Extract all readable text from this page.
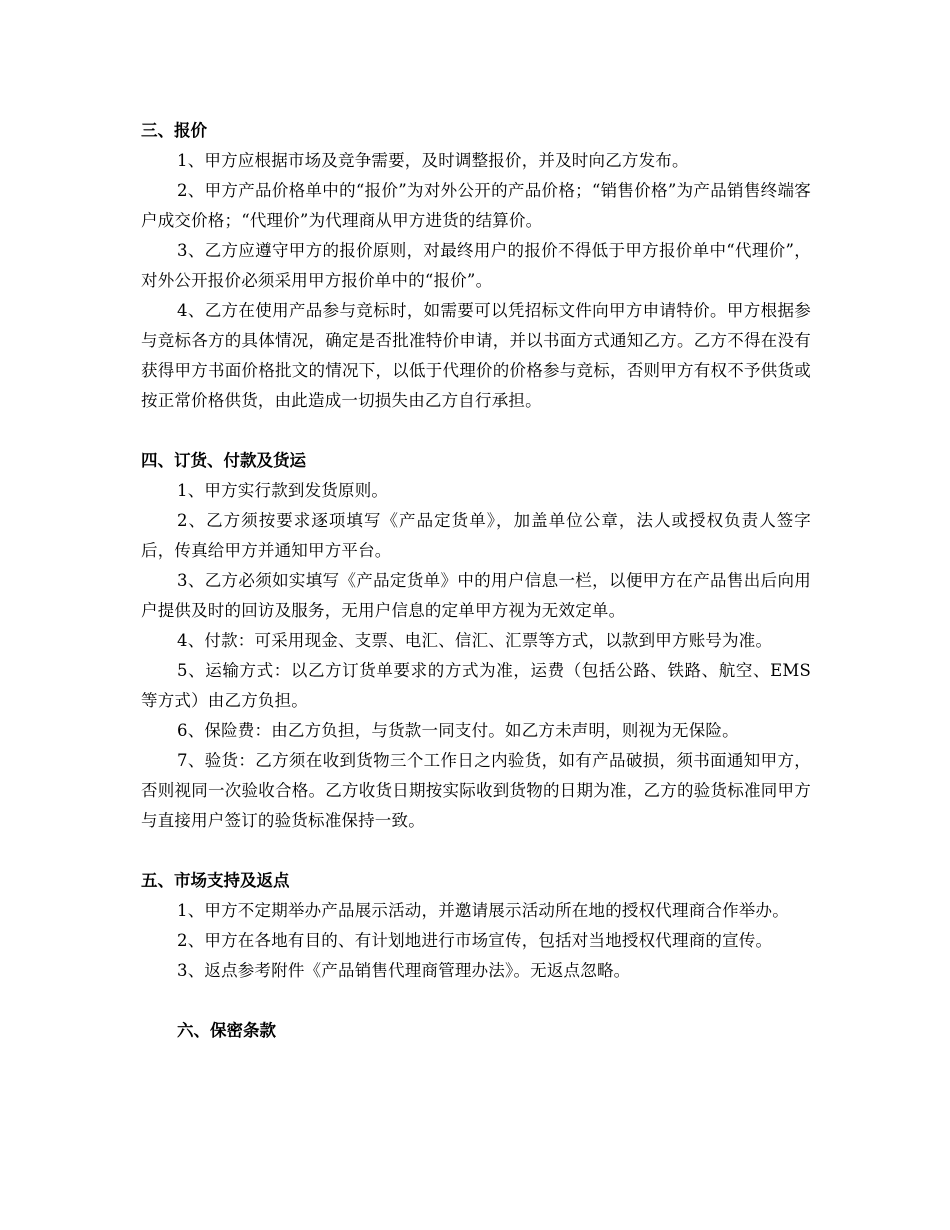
三、报价

1、甲方应根据市场及竞争需要，及时调整报价，并及时向乙方发布。

2、甲方产品价格单中的“报价”为对外公开的产品价格；“销售价格”为产品销售终端客户成交价格；“代理价”为代理商从甲方进货的结算价。

3、乙方应遵守甲方的报价原则，对最终用户的报价不得低于甲方报价单中“代理价”，对外公开报价必须采用甲方报价单中的“报价”。

4、乙方在使用产品参与竞标时，如需要可以凭招标文件向甲方申请特价。甲方根据参与竞标各方的具体情况，确定是否批准特价申请，并以书面方式通知乙方。乙方不得在没有获得甲方书面价格批文的情况下，以低于代理价的价格参与竞标，否则甲方有权不予供货或按正常价格供货，由此造成一切损失由乙方自行承担。

四、订货、付款及货运

1、甲方实行款到发货原则。

2、乙方须按要求逐项填写《产品定货单》，加盖单位公章，法人或授权负责人签字后，传真给甲方并通知甲方平台。

3、乙方必须如实填写《产品定货单》中的用户信息一栏，以便甲方在产品售出后向用户提供及时的回访及服务，无用户信息的定单甲方视为无效定单。

4、付款：可采用现金、支票、电汇、信汇、汇票等方式，以款到甲方账号为准。

5、运输方式：以乙方订货单要求的方式为准，运费（包括公路、铁路、航空、EMS等方式）由乙方负担。

6、保险费：由乙方负担，与货款一同支付。如乙方未声明，则视为无保险。

7、验货：乙方须在收到货物三个工作日之内验货，如有产品破损，须书面通知甲方，否则视同一次验收合格。乙方收货日期按实际收到货物的日期为准，乙方的验货标准同甲方与直接用户签订的验货标准保持一致。

五、市场支持及返点

1、甲方不定期举办产品展示活动，并邀请展示活动所在地的授权代理商合作举办。

2、甲方在各地有目的、有计划地进行市场宣传，包括对当地授权代理商的宣传。

3、返点参考附件《产品销售代理商管理办法》。无返点忽略。

六、保密条款
